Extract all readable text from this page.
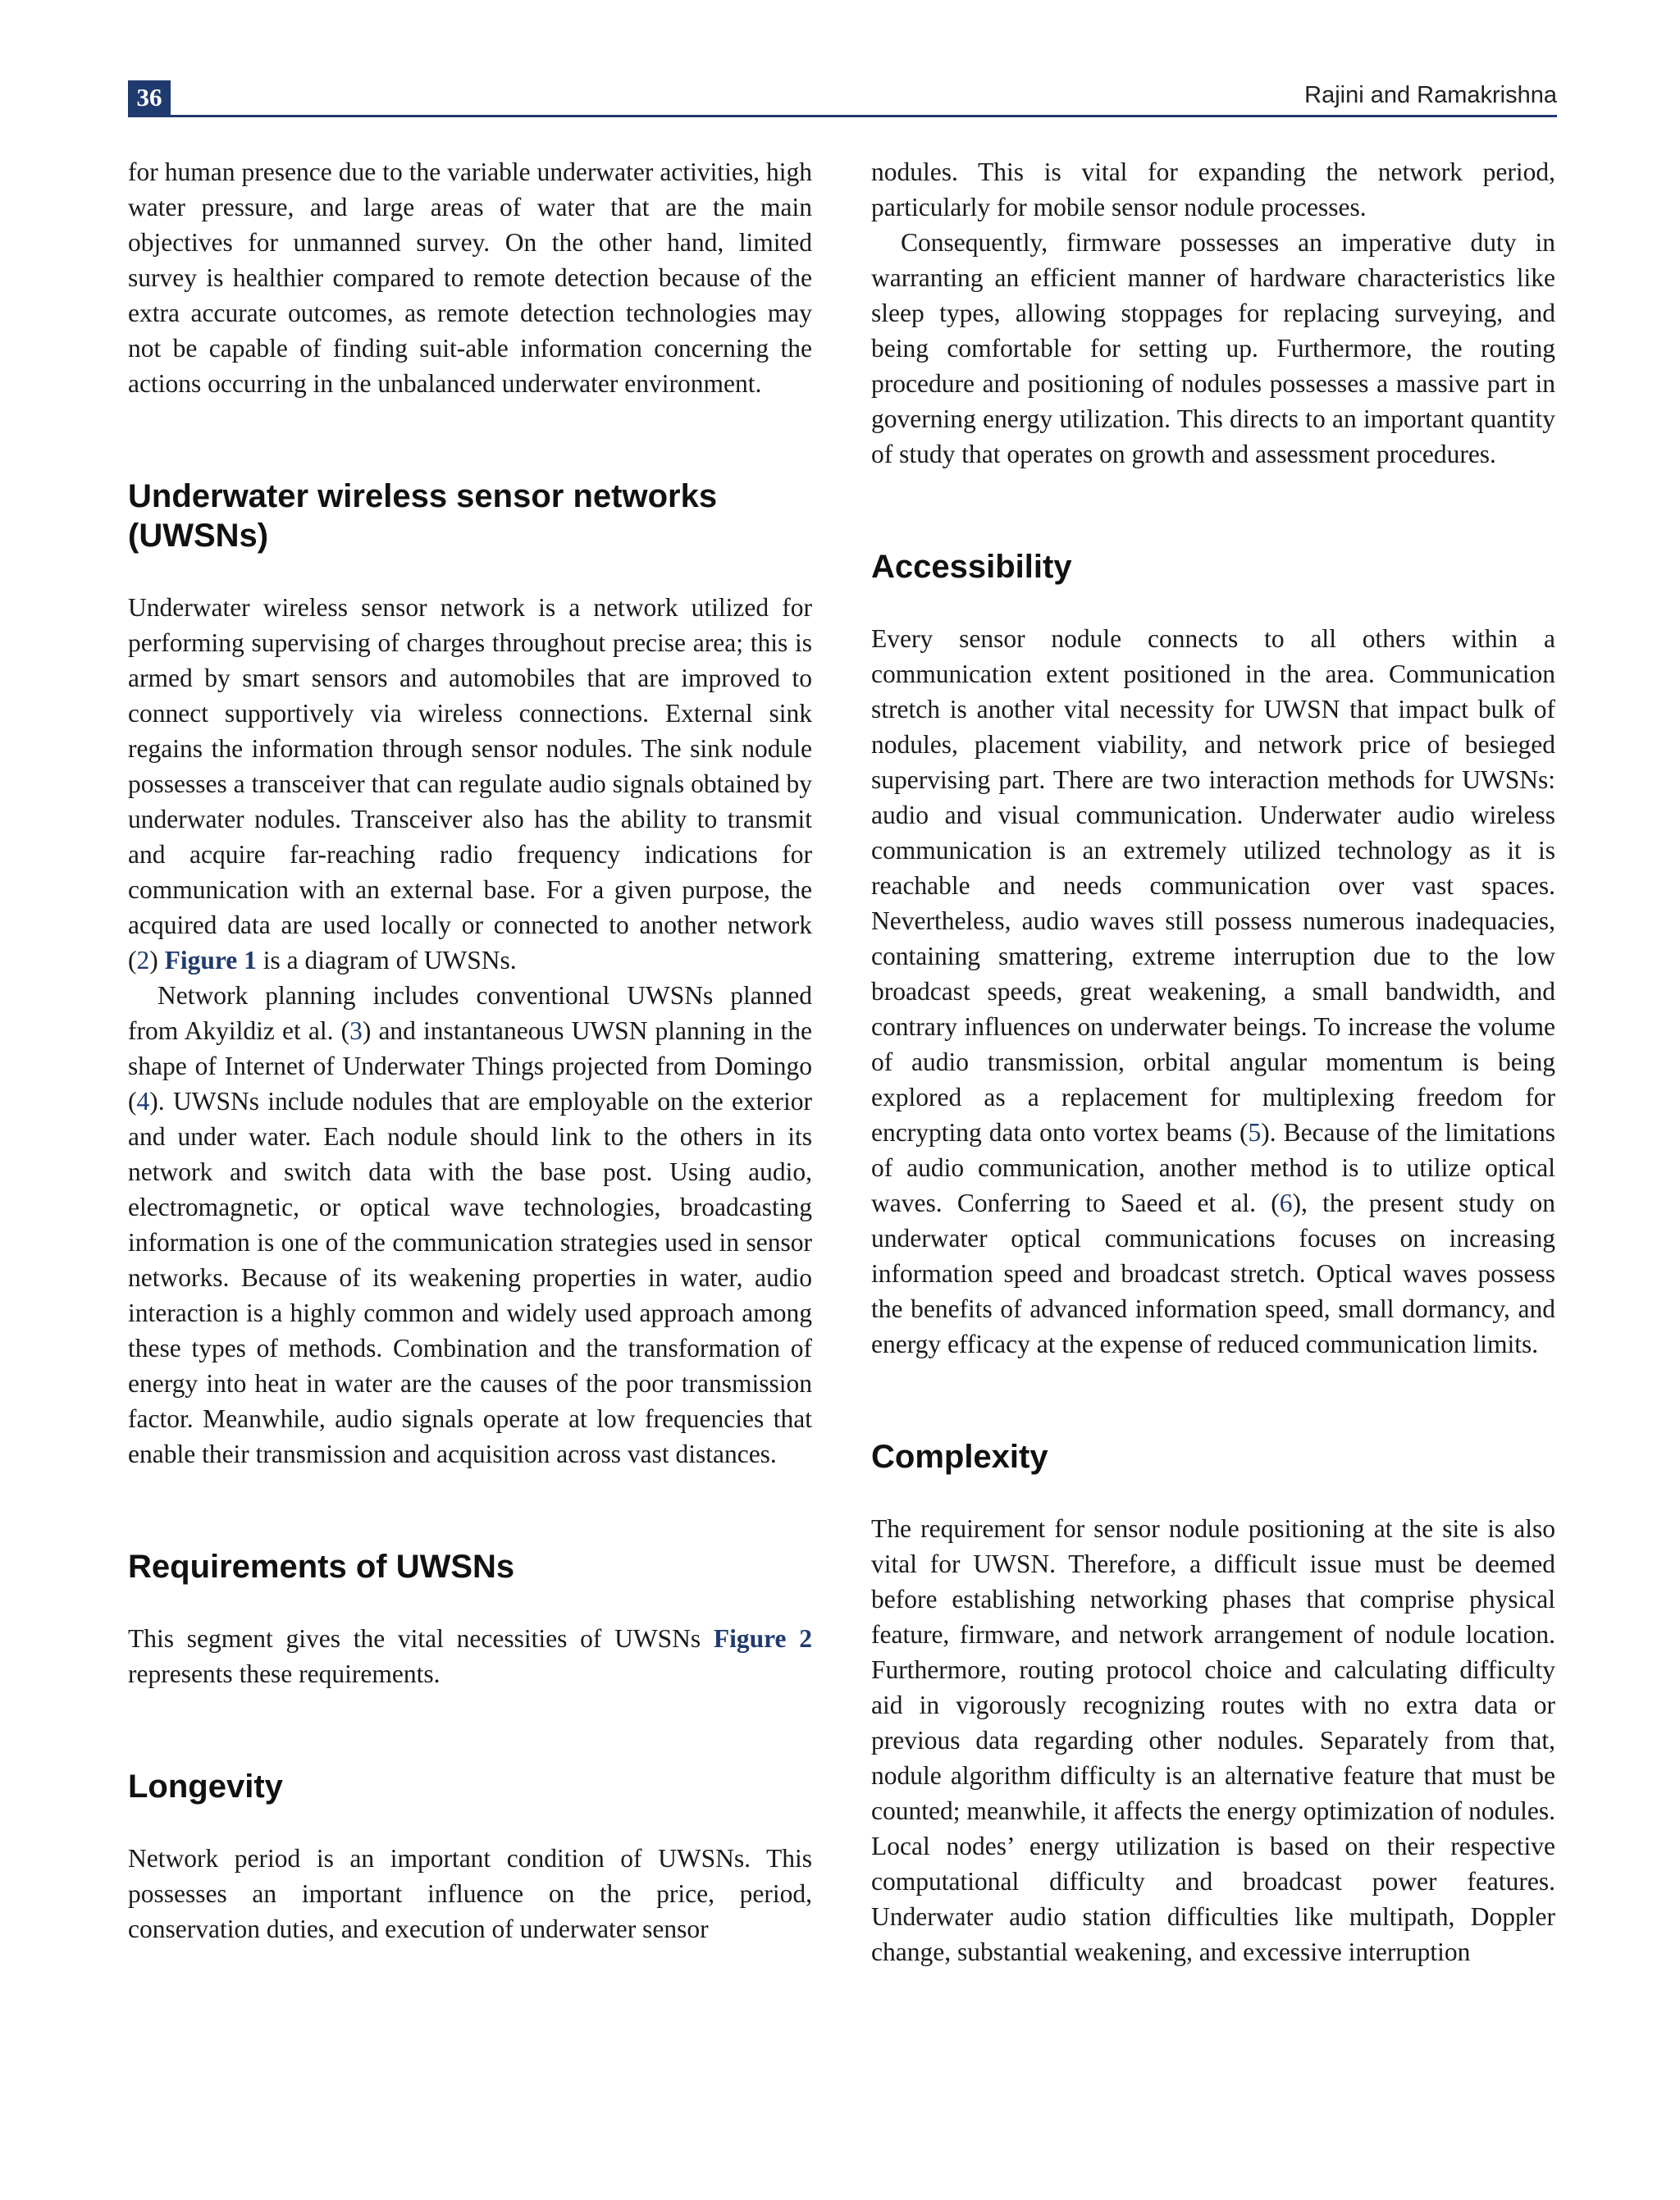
36	Rajini and Ramakrishna

for human presence due to the variable underwater activities, high water pressure, and large areas of water that are the main objectives for unmanned survey. On the other hand, limited survey is healthier compared to remote detection because of the extra accurate outcomes, as remote detection technologies may not be capable of finding suit-able information concerning the actions occurring in the unbalanced underwater environment.

Underwater wireless sensor networks (UWSNs)

Underwater wireless sensor network is a network utilized for performing supervising of charges throughout precise area; this is armed by smart sensors and automobiles that are improved to connect supportively via wireless connections. External sink regains the information through sensor nodules. The sink nodule possesses a transceiver that can regulate audio signals obtained by underwater nodules. Transceiver also has the ability to transmit and acquire far-reaching radio frequency indications for communication with an external base. For a given purpose, the acquired data are used locally or connected to another network (2) Figure 1 is a diagram of UWSNs.

Network planning includes conventional UWSNs planned from Akyildiz et al. (3) and instantaneous UWSN planning in the shape of Internet of Underwater Things projected from Domingo (4). UWSNs include nodules that are employable on the exterior and under water. Each nodule should link to the others in its network and switch data with the base post. Using audio, electromagnetic, or optical wave technologies, broadcasting information is one of the communication strategies used in sensor networks. Because of its weakening properties in water, audio interaction is a highly common and widely used approach among these types of methods. Combination and the transformation of energy into heat in water are the causes of the poor transmission factor. Meanwhile, audio signals operate at low frequencies that enable their transmission and acquisition across vast distances.

Requirements of UWSNs

This segment gives the vital necessities of UWSNs Figure 2 represents these requirements.

Longevity

Network period is an important condition of UWSNs. This possesses an important influence on the price, period, conservation duties, and execution of underwater sensor

nodules. This is vital for expanding the network period, particularly for mobile sensor nodule processes.

Consequently, firmware possesses an imperative duty in warranting an efficient manner of hardware characteristics like sleep types, allowing stoppages for replacing surveying, and being comfortable for setting up. Furthermore, the routing procedure and positioning of nodules possesses a massive part in governing energy utilization. This directs to an important quantity of study that operates on growth and assessment procedures.

Accessibility

Every sensor nodule connects to all others within a communication extent positioned in the area. Communication stretch is another vital necessity for UWSN that impact bulk of nodules, placement viability, and network price of besieged supervising part. There are two interaction methods for UWSNs: audio and visual communication. Underwater audio wireless communication is an extremely utilized technology as it is reachable and needs communication over vast spaces. Nevertheless, audio waves still possess numerous inadequacies, containing smattering, extreme interruption due to the low broadcast speeds, great weakening, a small bandwidth, and contrary influences on underwater beings. To increase the volume of audio transmission, orbital angular momentum is being explored as a replacement for multiplexing freedom for encrypting data onto vortex beams (5). Because of the limitations of audio communication, another method is to utilize optical waves. Conferring to Saeed et al. (6), the present study on underwater optical communications focuses on increasing information speed and broadcast stretch. Optical waves possess the benefits of advanced information speed, small dormancy, and energy efficacy at the expense of reduced communication limits.

Complexity

The requirement for sensor nodule positioning at the site is also vital for UWSN. Therefore, a difficult issue must be deemed before establishing networking phases that comprise physical feature, firmware, and network arrangement of nodule location. Furthermore, routing protocol choice and calculating difficulty aid in vigorously recognizing routes with no extra data or previous data regarding other nodules. Separately from that, nodule algorithm difficulty is an alternative feature that must be counted; meanwhile, it affects the energy optimization of nodules. Local nodes’ energy utilization is based on their respective computational difficulty and broadcast power features. Underwater audio station difficulties like multipath, Doppler change, substantial weakening, and excessive interruption
